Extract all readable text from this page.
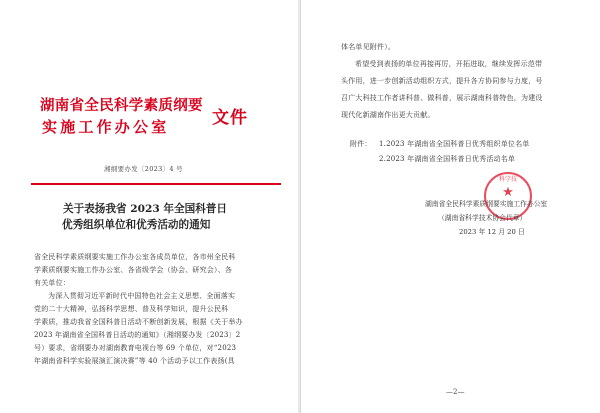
湖南省全民科学素质纲要
实施工作办公室	文件
湘纲要办发〔2023〕4 号
关于表扬我省 2023 年全国科普日
优秀组织单位和优秀活动的通知
省全民科学素质纲要实施工作办公室各成员单位，各市州全民科
学素质纲要实施工作办公室、各省级学会（协会、研究会）、各
有关单位：
为深入贯彻习近平新时代中国特色社会主义思想、全面落实
党的二十大精神，弘扬科学思想、普及科学知识，提升公民科
学素质，推动我省全国科普日活动不断创新发展，根据《关于举办
2023 年湖南省全国科普日活动的通知》（湘纲要办发〔2023〕2
号）要求，省纲要办对湖南教育电视台等 69 个单位，对“2023
年湖南省科学实验展演汇演决赛”等 40 个活动予以工作表扬(具
体名单见附件）。
希望受到表扬的单位再接再厉，开拓进取，继续发挥示范带
头作用，进一步创新活动组织方式，提升各方协同参与力度，号
召广大科技工作者讲科普、做科普，展示湖南科普特色，为建设
现代化新湖南作出更大贡献。
附件： 1.2023 年湖南省全国科普日优秀组织单位名单
2.2023 年湖南省全国科普日优秀活动名单
科学技
★
湖南省全民科学素质纲要实施工作办公室
（湖南省科学技术协会代章）
2023 年 12 月 20 日
—2—
